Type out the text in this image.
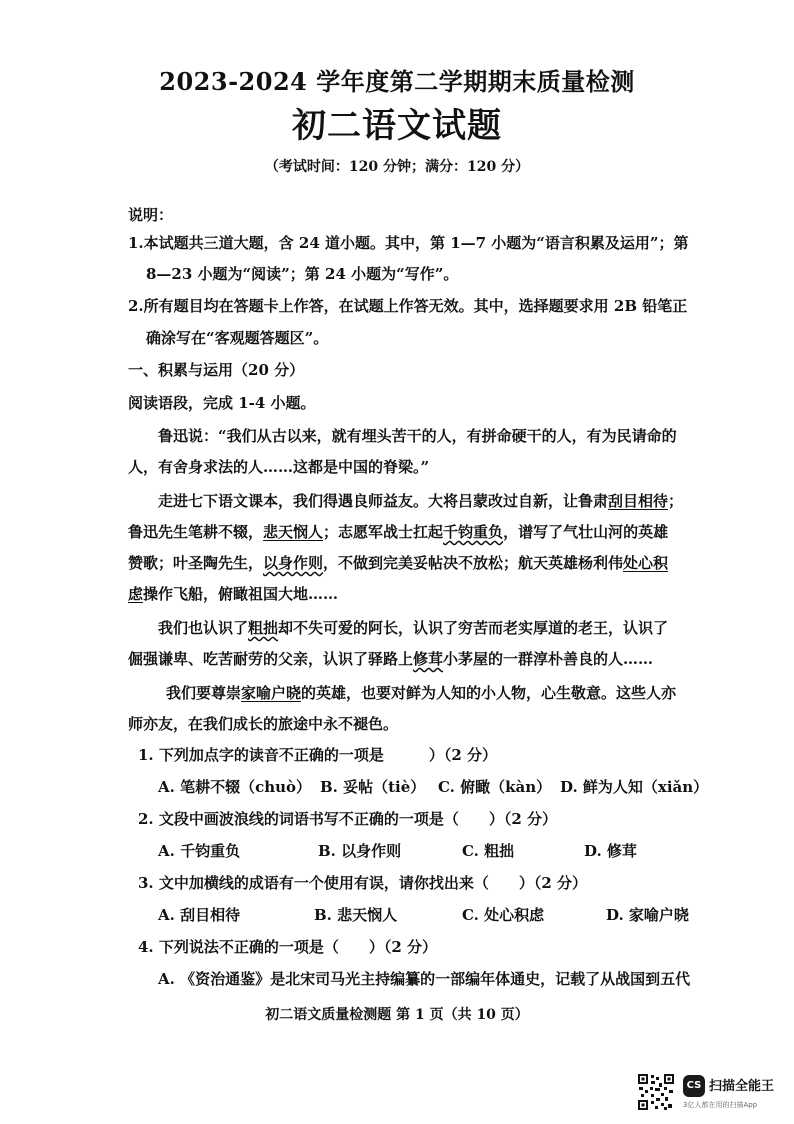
2023-2024 学年度第二学期期末质量检测
初二语文试题
（考试时间：120 分钟；满分：120 分）
说明：
1.本试题共三道大题，含 24 道小题。其中，第 1—7 小题为“语言积累及运用”；第
8—23 小题为“阅读”；第 24 小题为“写作”。
2.所有题目均在答题卡上作答，在试题上作答无效。其中，选择题要求用 2B 铅笔正
确涂写在“客观题答题区”。
一、积累与运用（20 分）
阅读语段，完成 1-4 小题。
鲁迅说：“我们从古以来，就有埋头苦干的人，有拼命硬干的人，有为民请命的
人，有舍身求法的人……这都是中国的脊梁。”
走进七下语文课本，我们得遇良师益友。大将吕蒙改过自新，让鲁肃刮目相待；
鲁迅先生笔耕不辍，悲天悯人；志愿军战士扛起千钧重负，谱写了气壮山河的英雄
赞歌；叶圣陶先生，以身作则，不做到完美妥帖决不放松；航天英雄杨利伟处心积
虑操作飞船，俯瞰祖国大地……
我们也认识了粗拙却不失可爱的阿长，认识了穷苦而老实厚道的老王，认识了
倔强谦卑、吃苦耐劳的父亲，认识了驿路上修茸小茅屋的一群淳朴善良的人……
我们要尊崇家喻户晓的英雄，也要对鲜为人知的小人物，心生敬意。这些人亦
师亦友，在我们成长的旅途中永不褪色。
1. 下列加点字的读音不正确的一项是　　　）（2 分）
A. 笔耕不辍（chuò） B. 妥帖（tiè） C. 俯瞰（kàn） D. 鲜为人知（xiǎn）
2. 文段中画波浪线的词语书写不正确的一项是（　　）（2 分）
A. 千钧重负	B. 以身作则	C. 粗拙	D. 修茸
3. 文中加横线的成语有一个使用有误，请你找出来（　　）（2 分）
A. 刮目相待	B. 悲天悯人	C. 处心积虑	D. 家喻户晓
4. 下列说法不正确的一项是（　　）（2 分）
A. 《资治通鉴》是北宋司马光主持编纂的一部编年体通史，记载了从战国到五代
初二语文质量检测题 第 1 页（共 10 页）
CS 扫描全能王
3亿人都在用的扫描App
